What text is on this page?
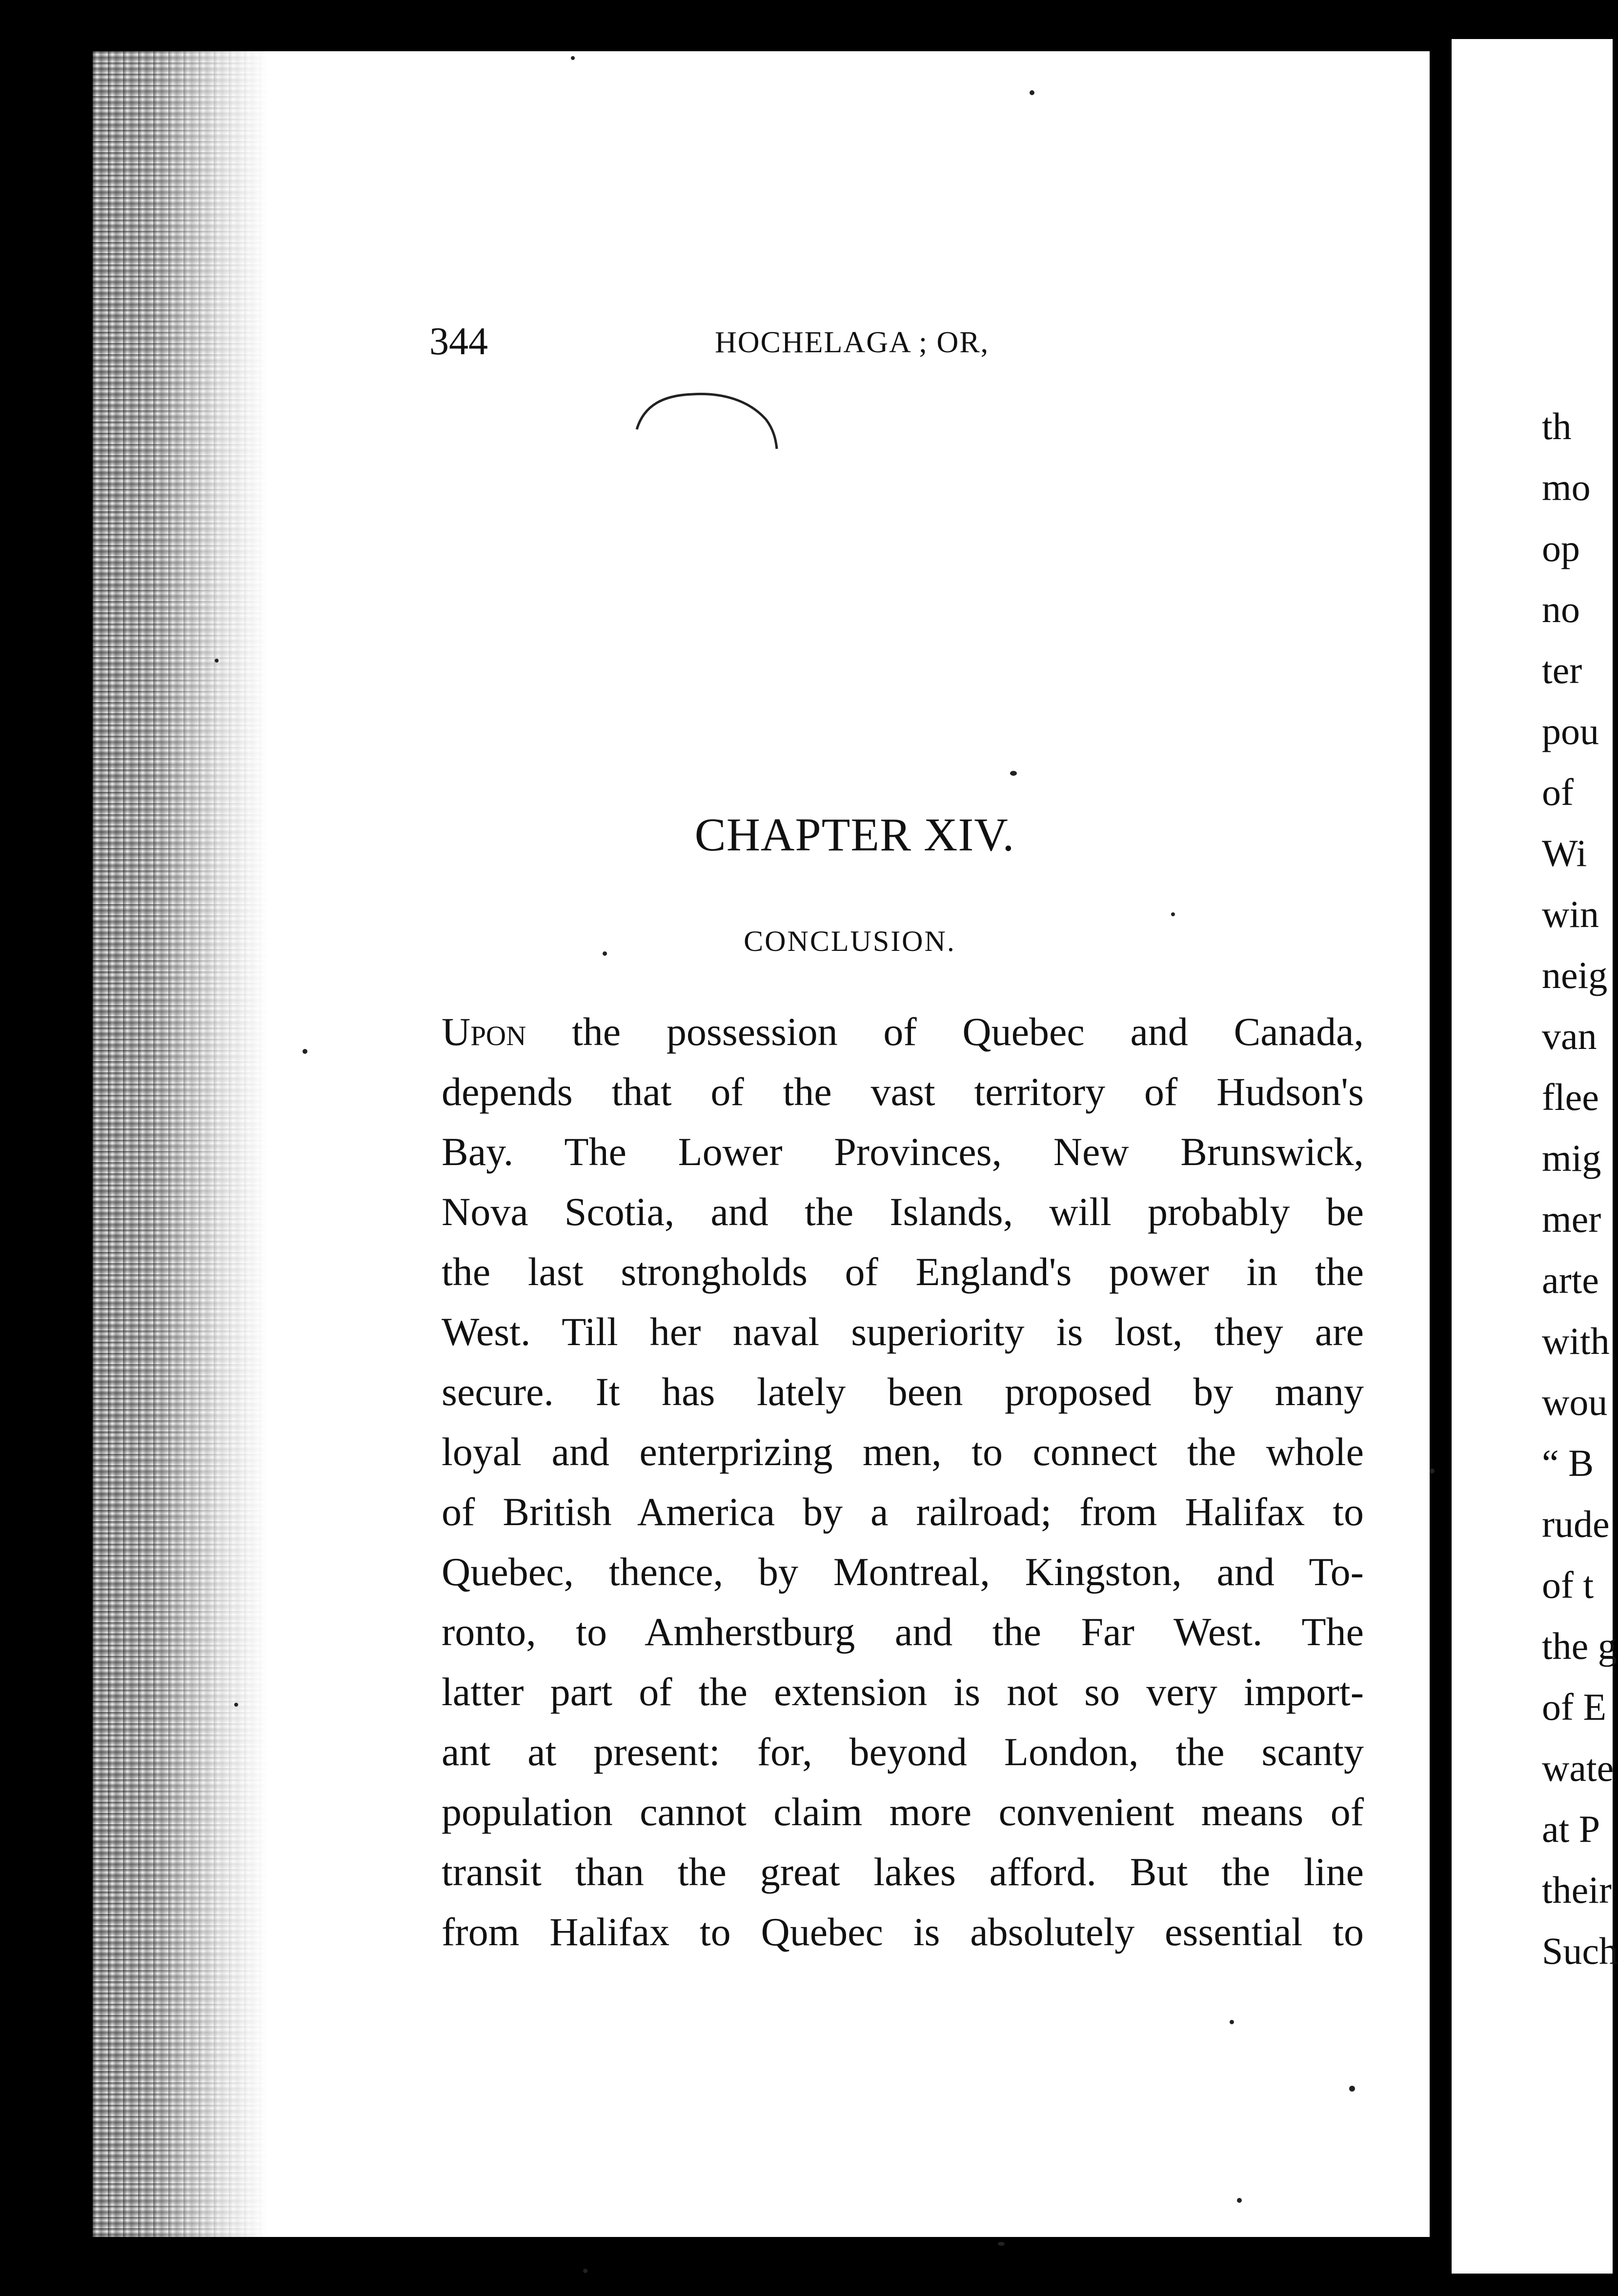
344	HOCHELAGA ; OR,
CHAPTER XIV.
CONCLUSION.
Upon the possession of Quebec and Canada,
depends that of the vast territory of Hudson's
Bay. The Lower Provinces, New Brunswick,
Nova Scotia, and the Islands, will probably be
the last strongholds of England's power in the
West. Till her naval superiority is lost, they are
secure. It has lately been proposed by many
loyal and enterprizing men, to connect the whole
of British America by a railroad; from Halifax to
Quebec, thence, by Montreal, Kingston, and To-
ronto, to Amherstburg and the Far West. The
latter part of the extension is not so very import-
ant at present: for, beyond London, the scanty
population cannot claim more convenient means of
transit than the great lakes afford. But the line
from Halifax to Quebec is absolutely essential to
th
mo
op
no
ter
pou
of
Wi
win
neig
van
flee
mig
mer
arte
with
wou
“ B
rude
of t
the g
of E
wate
at P
their
Such
